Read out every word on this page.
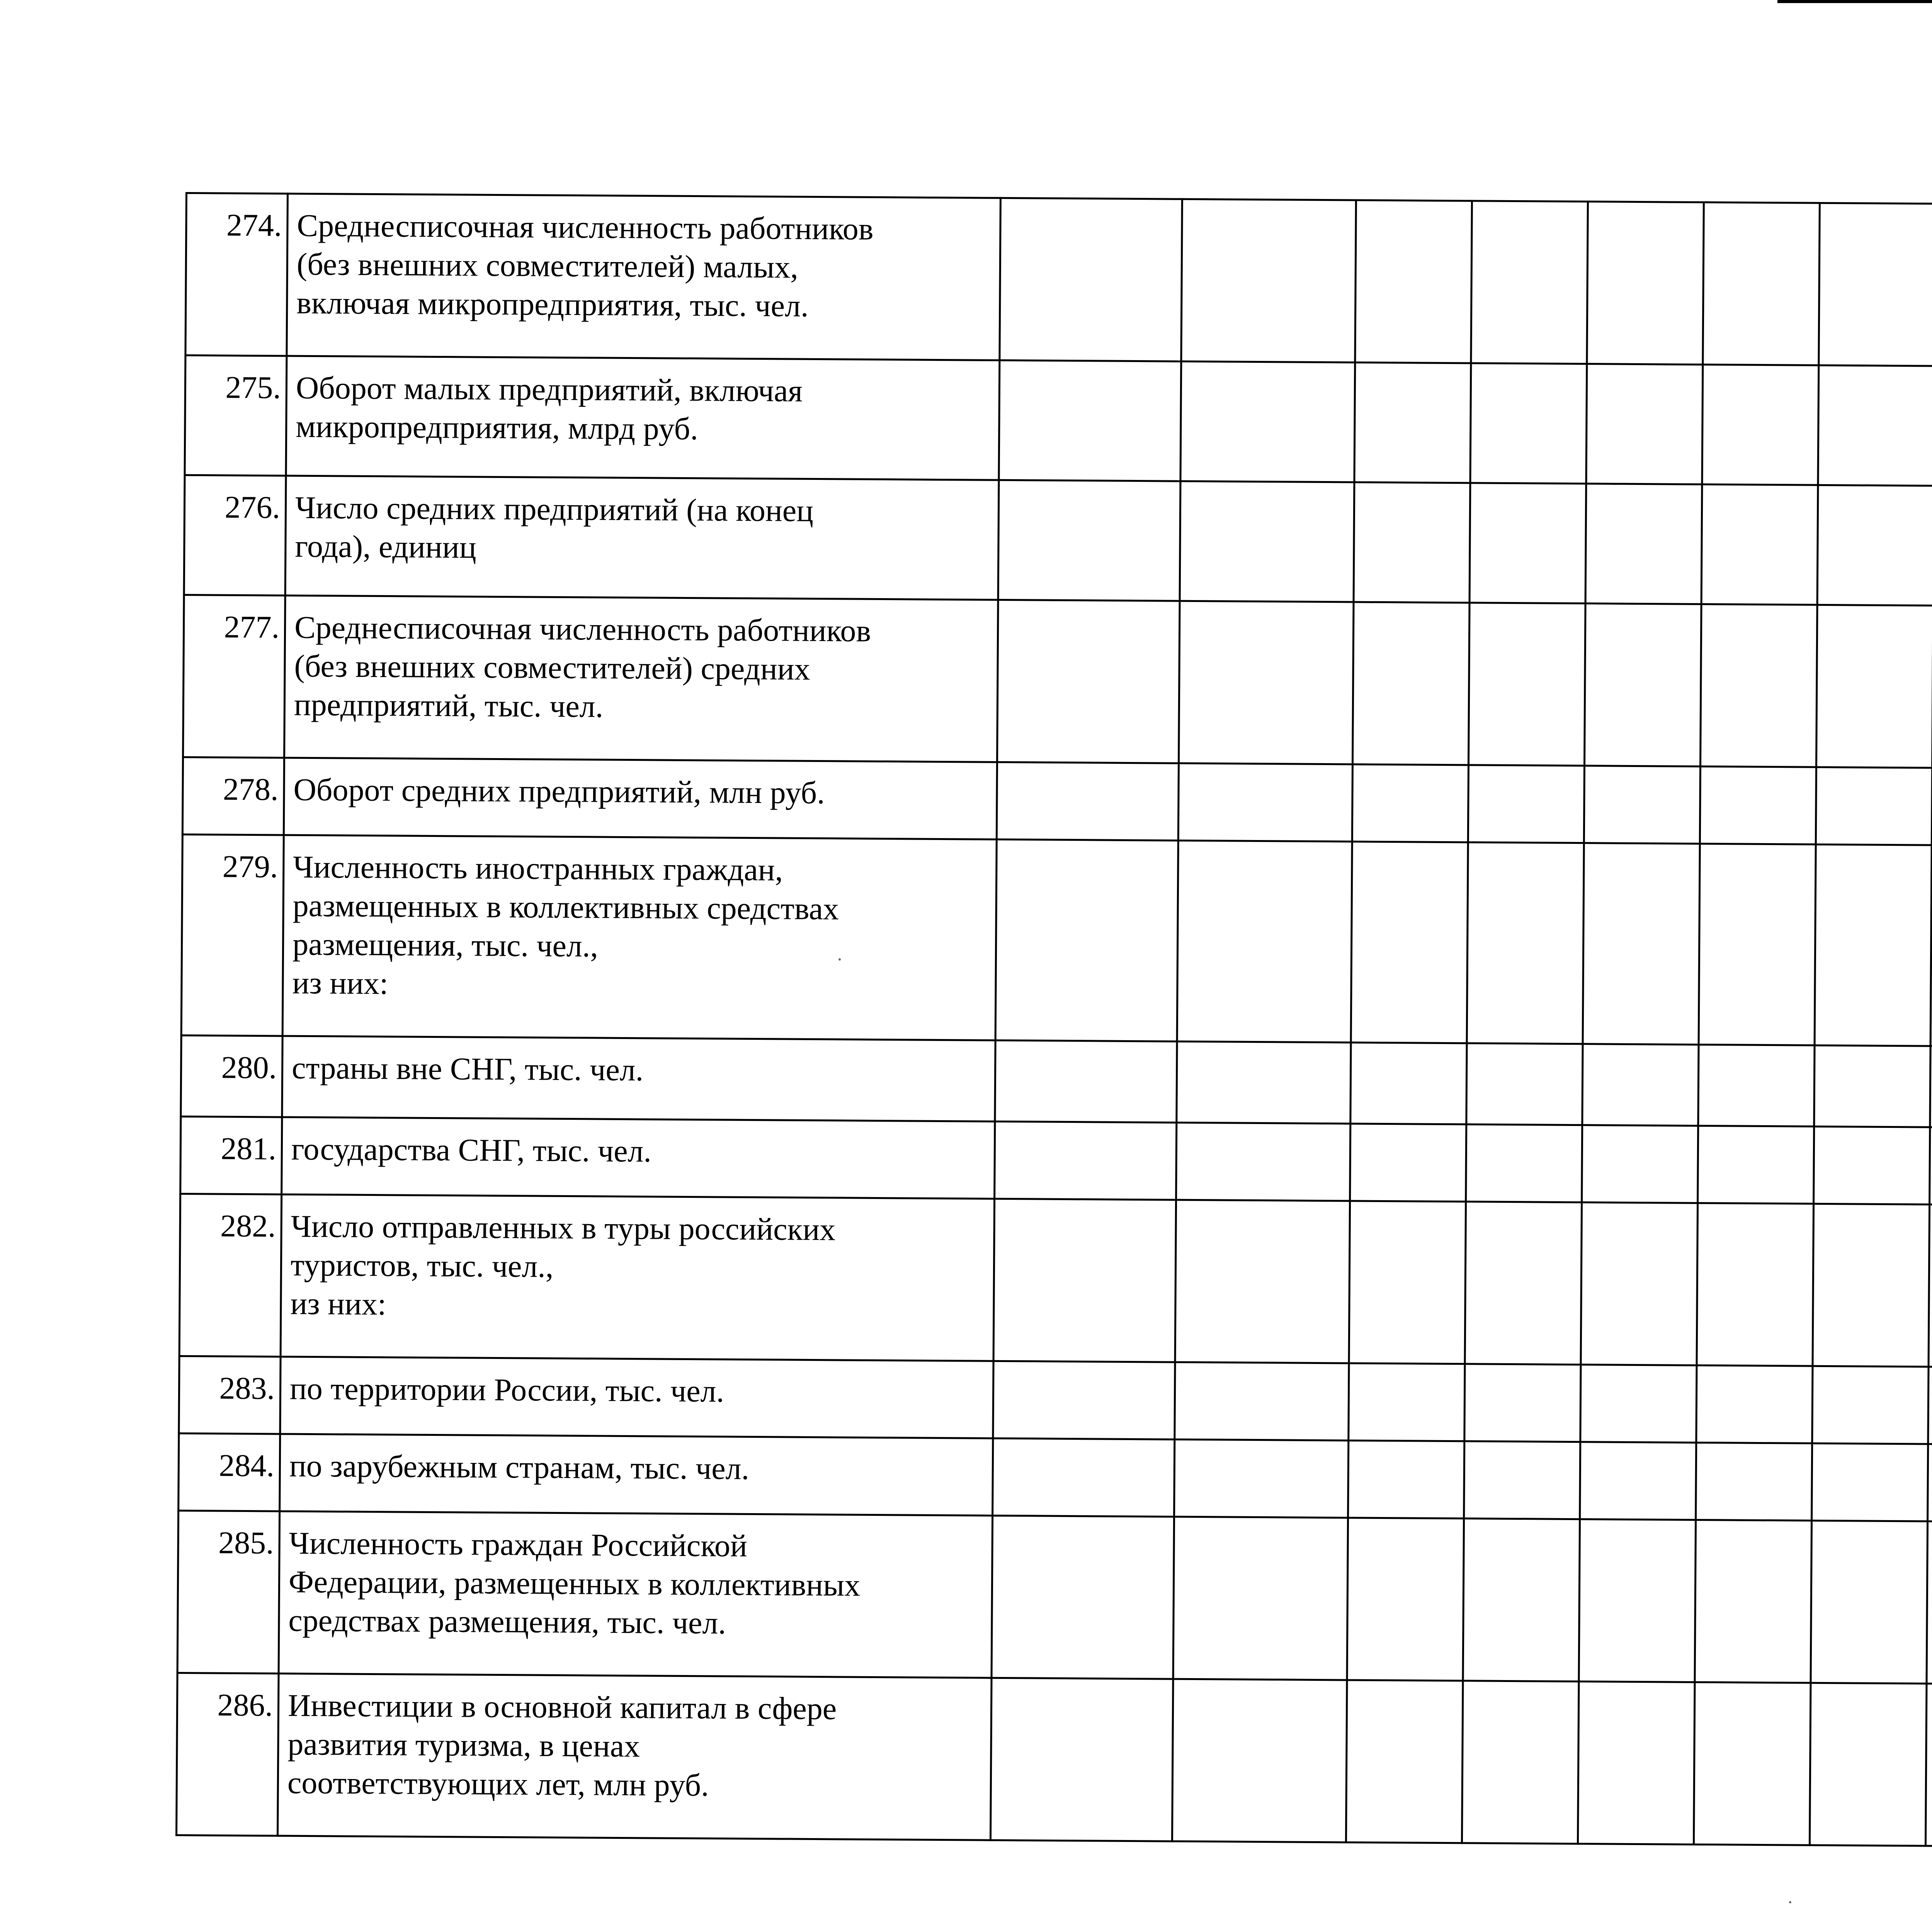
274.	Среднесписочная численность работников
(без внешних совместителей) малых,
включая микропредприятия, тыс. чел.															
275.	Оборот малых предприятий, включая
микропредприятия, млрд руб.															
276.	Число средних предприятий (на конец
года), единиц															
277.	Среднесписочная численность работников
(без внешних совместителей) средних
предприятий, тыс. чел.															
278.	Оборот средних предприятий, млн руб.															
279.	Численность иностранных граждан,
размещенных в коллективных средствах
размещения, тыс. чел.,
из них:															
280.	страны вне СНГ, тыс. чел.															
281.	государства СНГ, тыс. чел.															
282.	Число отправленных в туры российских
туристов, тыс. чел.,
из них:															
283.	по территории России, тыс. чел.															
284.	по зарубежным странам, тыс. чел.															
285.	Численность граждан Российской
Федерации, размещенных в коллективных
средствах размещения, тыс. чел.															
286.	Инвестиции в основной капитал в сфере
развития туризма, в ценах
соответствующих лет, млн руб.															
